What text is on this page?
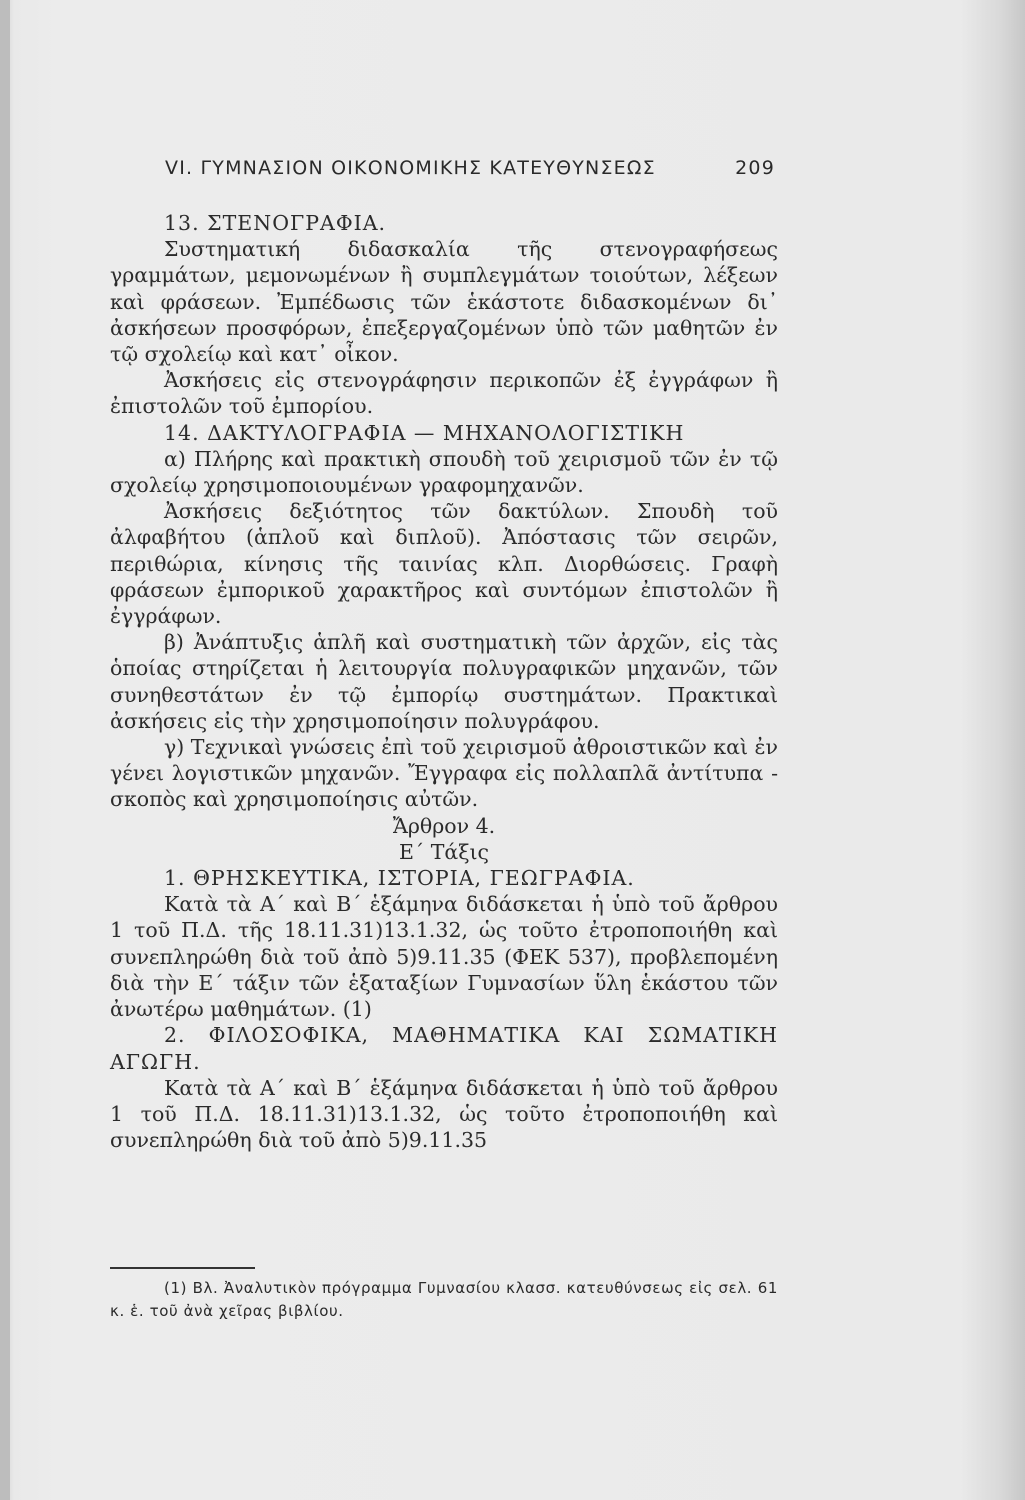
VI. ΓΥΜΝΑΣΙΟΝ ΟΙΚΟΝΟΜΙΚΗΣ ΚΑΤΕΥΘΥΝΣΕΩΣ	209

13. ΣΤΕΝΟΓΡΑΦΙΑ.

Συστηματική διδασκαλία τῆς στενογραφήσεως γραμμάτων, μεμονωμένων ἢ συμπλεγμάτων τοιούτων, λέξεων καὶ φράσεων. Ἐμπέδωσις τῶν ἑκάστοτε διδασκομένων δι᾽ ἀσκήσεων προσφόρων, ἐπεξεργαζομένων ὑπὸ τῶν μαθητῶν ἐν τῷ σχολείῳ καὶ κατ᾽ οἶκον.

Ἀσκήσεις εἰς στενογράφησιν περικοπῶν ἐξ ἐγγράφων ἢ ἐπιστολῶν τοῦ ἐμπορίου.

14. ΔΑΚΤΥΛΟΓΡΑΦΙΑ — ΜΗΧΑΝΟΛΟΓΙΣΤΙΚΗ

α) Πλήρης καὶ πρακτικὴ σπουδὴ τοῦ χειρισμοῦ τῶν ἐν τῷ σχολείῳ χρησιμοποιουμένων γραφομηχανῶν.

Ἀσκήσεις δεξιότητος τῶν δακτύλων. Σπουδὴ τοῦ ἀλφαβήτου (ἁπλοῦ καὶ διπλοῦ). Ἀπόστασις τῶν σειρῶν, περιθώρια, κίνησις τῆς ταινίας κλπ. Διορθώσεις. Γραφὴ φράσεων ἐμπορικοῦ χαρακτῆρος καὶ συντόμων ἐπιστολῶν ἢ ἐγγράφων.

β) Ἀνάπτυξις ἁπλῆ καὶ συστηματικὴ τῶν ἀρχῶν, εἰς τὰς ὁποίας στηρίζεται ἡ λειτουργία πολυγραφικῶν μηχανῶν, τῶν συνηθεστάτων ἐν τῷ ἐμπορίῳ συστημάτων. Πρακτικαὶ ἀσκήσεις εἰς τὴν χρησιμοποίησιν πολυγράφου.

γ) Τεχνικαὶ γνώσεις ἐπὶ τοῦ χειρισμοῦ ἀθροιστικῶν καὶ ἐν γένει λογιστικῶν μηχανῶν. Ἔγγραφα εἰς πολλαπλᾶ ἀντίτυπα - σκοπὸς καὶ χρησιμοποίησις αὐτῶν.

Ἄρθρον 4.

Ε´ Τάξις

1. ΘΡΗΣΚΕΥΤΙΚΑ, ΙΣΤΟΡΙΑ, ΓΕΩΓΡΑΦΙΑ.

Κατὰ τὰ Α´ καὶ Β´ ἑξάμηνα διδάσκεται ἡ ὑπὸ τοῦ ἄρθρου 1 τοῦ Π.Δ. τῆς 18.11.31)13.1.32, ὡς τοῦτο ἐτροποποιήθη καὶ συνεπληρώθη διὰ τοῦ ἀπὸ 5)9.11.35 (ΦΕΚ 537), προβλεπομένη διὰ τὴν Ε´ τάξιν τῶν ἑξαταξίων Γυμνασίων ὕλη ἑκάστου τῶν ἀνωτέρω μαθημάτων. (1)

2. ΦΙΛΟΣΟΦΙΚΑ, ΜΑΘΗΜΑΤΙΚΑ ΚΑΙ ΣΩΜΑΤΙΚΗ ΑΓΩΓΗ.

Κατὰ τὰ Α´ καὶ Β´ ἑξάμηνα διδάσκεται ἡ ὑπὸ τοῦ ἄρθρου 1 τοῦ Π.Δ. 18.11.31)13.1.32, ὡς τοῦτο ἐτροποποιήθη καὶ συνεπληρώθη διὰ τοῦ ἀπὸ 5)9.11.35

(1) Βλ. Ἀναλυτικὸν πρόγραμμα Γυμνασίου κλασσ. κατευθύνσεως εἰς σελ. 61 κ. ἑ. τοῦ ἀνὰ χεῖρας βιβλίου.
